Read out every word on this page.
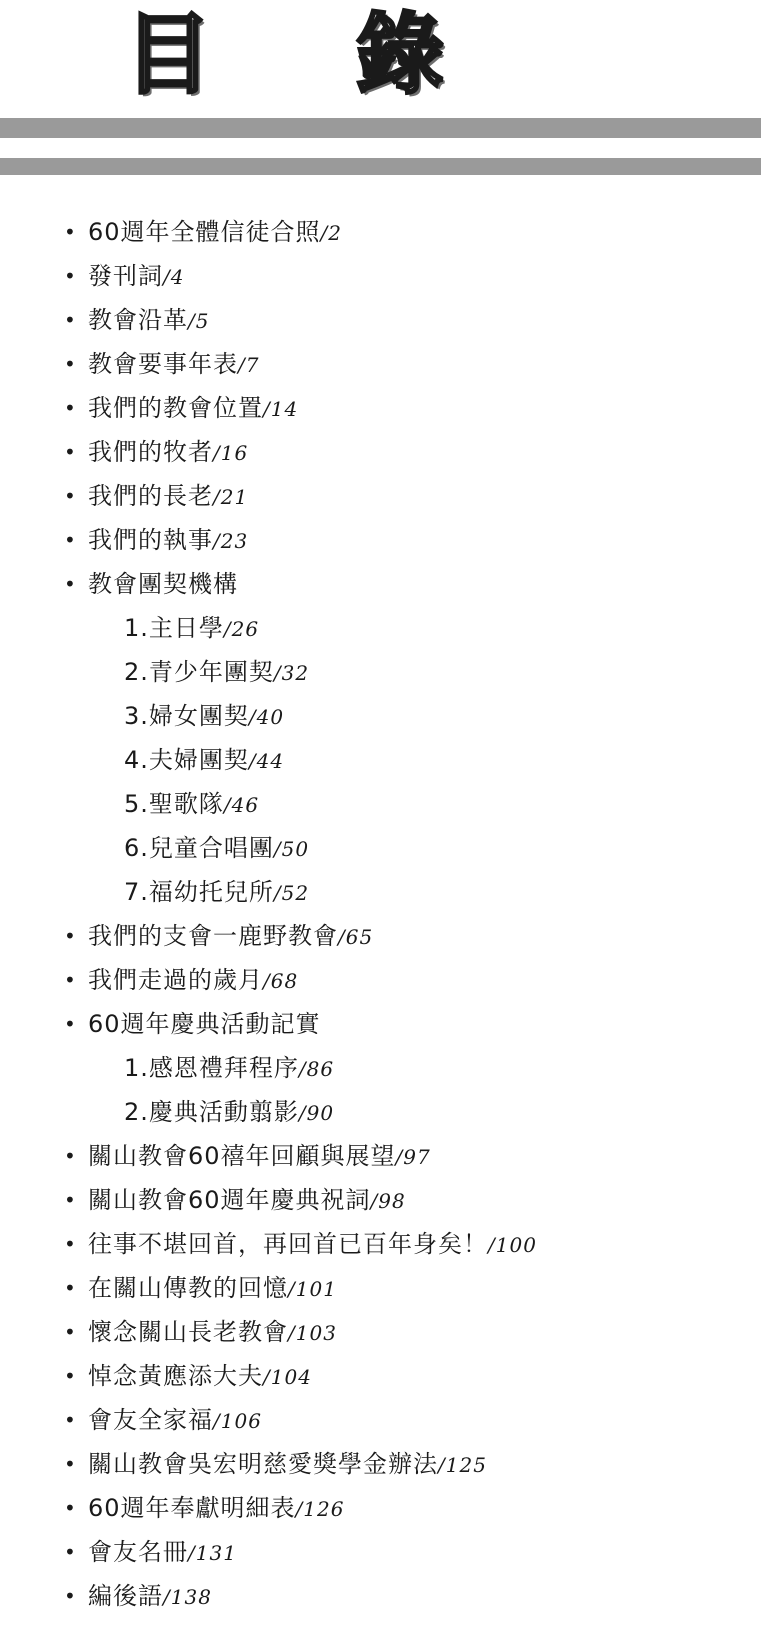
目 錄
• 60週年全體信徒合照/2
• 發刊詞/4
• 教會沿革/5
• 教會要事年表/7
• 我們的教會位置/14
• 我們的牧者/16
• 我們的長老/21
• 我們的執事/23
• 教會團契機構
1.主日學/26
2.青少年團契/32
3.婦女團契/40
4.夫婦團契/44
5.聖歌隊/46
6.兒童合唱團/50
7.福幼托兒所/52
• 我們的支會一鹿野教會/65
• 我們走過的歲月/68
• 60週年慶典活動記實
1.感恩禮拜程序/86
2.慶典活動翦影/90
• 關山教會60禧年回顧與展望/97
• 關山教會60週年慶典祝詞/98
• 往事不堪回首，再回首已百年身矣！/100
• 在關山傳教的回憶/101
• 懷念關山長老教會/103
• 悼念黃應添大夫/104
• 會友全家福/106
• 關山教會吳宏明慈愛獎學金辦法/125
• 60週年奉獻明細表/126
• 會友名冊/131
• 編後語/138
